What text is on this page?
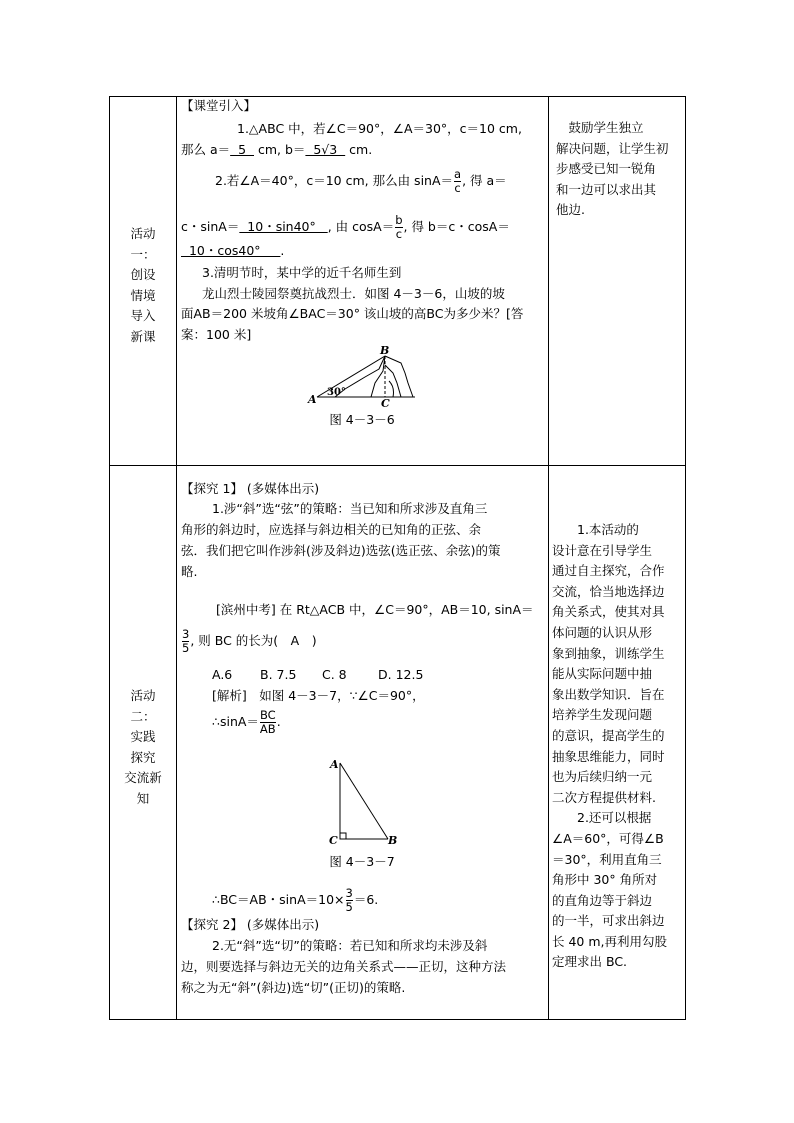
活动
一：
创设
情境
导入
新课
【课堂引入】
1.△ABC 中，若∠C＝90°，∠A＝30°，c＝10 cm,
那么 a＝  5   cm, b＝  5√3   cm.
2.若∠A＝40°，c＝10 cm, 那么由 $\sin A= \frac{a}{c}$ , 得 a＝
c・sinA＝  10・sin40°   , 由 $\cos A= \frac{b}{c}$ , 得 b＝c・cosA＝
10・cos40°     .
3.清明节时，某中学的近千名师生到
龙山烈士陵园祭奠抗战烈士．如图 4－3－6，山坡的坡
面AB＝200 米坡角∠BAC＝30° 该山坡的高BC为多少米？[答
案：100 米]
A
B
C
30°
图 4－3－6
　鼓励学生独立
解决问题，让学生初
步感受已知一锐角
和一边可以求出其
他边.
活动
二：
实践
探究
交流新
知
【探究 1】 (多媒体出示)
1.涉“斜”选“弦”的策略：当已知和所求涉及直角三
角形的斜边时，应选择与斜边相关的已知角的正弦、余
弦．我们把它叫作涉斜(涉及斜边)选弦(选正弦、余弦)的策
略.
[滨州中考] 在 Rt△ACB 中，∠C＝90°，AB＝10, sinA＝
$\frac{3}{5}$ , 则 BC 的长为(　A　)
A.6 B. 7.5 C. 8	D. 12.5
[解析]　如图 4－3－7，∵∠C＝90°，
∴sinA＝ $\frac{BC}{AB}$ .
A
C	B
图 4－3－7
∴BC＝AB・$\sin A=10\times \frac{3}{5} =6$.
【探究 2】 (多媒体出示)
2.无“斜”选“切”的策略：若已知和所求均未涉及斜
边，则要选择与斜边无关的边角关系式——正切，这种方法
称之为无“斜”(斜边)选“切”(正切)的策略.
　　1.本活动的
设计意在引导学生
通过自主探究，合作
交流，恰当地选择边
角关系式，使其对具
体问题的认识从形
象到抽象，训练学生
能从实际问题中抽
象出数学知识．旨在
培养学生发现问题
的意识，提高学生的
抽象思维能力，同时
也为后续归纳一元
二次方程提供材料.
　　2.还可以根据
∠A＝60°，可得∠B
＝30°，利用直角三
角形中 30° 角所对
的直角边等于斜边
的一半，可求出斜边
长 40 m,再利用勾股
定理求出 BC.
